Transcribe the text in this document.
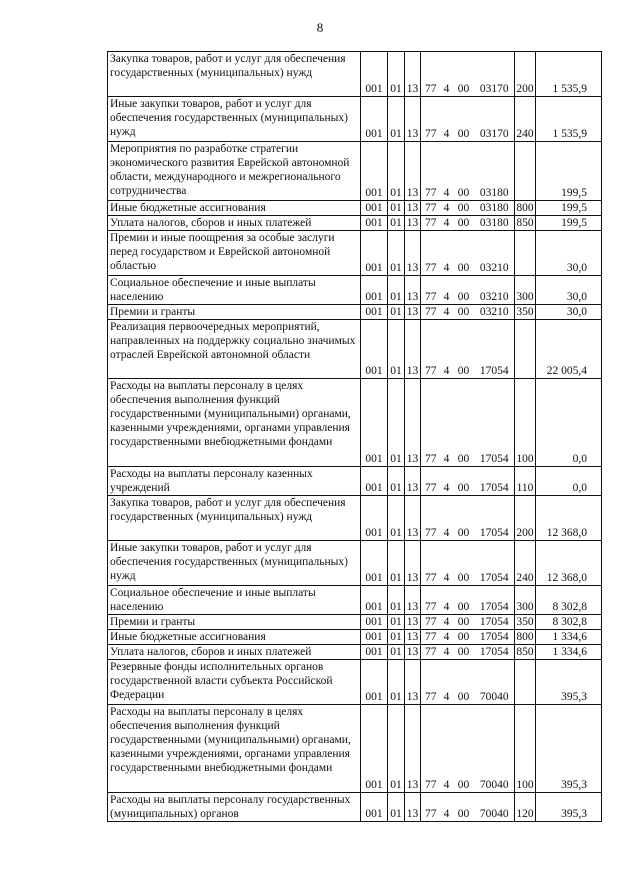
8
Закупка товаров, работ и услуг для обеспечения государственных (муниципальных) нужд	001	01	13	77	4	00	03170	200	1 535,9

Иные закупки товаров, работ и услуг для обеспечения государственных (муниципальных) нужд	001	01	13	77	4	00	03170	240	1 535,9

Мероприятия по разработке стратегии экономического развития Еврейской автономной области, международного и межрегионального сотрудничества	001	01	13	77	4	00	03180		199,5

Иные бюджетные ассигнования	001	01	13	77	4	00	03180	800	199,5

Уплата налогов, сборов и иных платежей	001	01	13	77	4	00	03180	850	199,5

Премии и иные поощрения за особые заслуги перед государством и Еврейской автономной областью	001	01	13	77	4	00	03210		30,0

Социальное обеспечение и иные выплаты населению	001	01	13	77	4	00	03210	300	30,0

Премии и гранты	001	01	13	77	4	00	03210	350	30,0

Реализация первоочередных мероприятий, направленных на поддержку социально значимых отраслей Еврейской автономной области	001	01	13	77	4	00	17054		22 005,4

Расходы на выплаты персоналу в целях обеспечения выполнения функций государственными (муниципальными) органами, казенными учреждениями, органами управления государственными внебюджетными фондами	001	01	13	77	4	00	17054	100	0,0

Расходы на выплаты персоналу казенных учреждений	001	01	13	77	4	00	17054	110	0,0

Закупка товаров, работ и услуг для обеспечения государственных (муниципальных) нужд	001	01	13	77	4	00	17054	200	12 368,0

Иные закупки товаров, работ и услуг для обеспечения государственных (муниципальных) нужд	001	01	13	77	4	00	17054	240	12 368,0

Социальное обеспечение и иные выплаты населению	001	01	13	77	4	00	17054	300	8 302,8

Премии и гранты	001	01	13	77	4	00	17054	350	8 302,8

Иные бюджетные ассигнования	001	01	13	77	4	00	17054	800	1 334,6

Уплата налогов, сборов и иных платежей	001	01	13	77	4	00	17054	850	1 334,6

Резервные фонды исполнительных органов государственной власти субъекта Российской Федерации	001	01	13	77	4	00	70040		395,3

Расходы на выплаты персоналу в целях обеспечения выполнения функций государственными (муниципальными) органами, казенными учреждениями, органами управления государственными внебюджетными фондами	001	01	13	77	4	00	70040	100	395,3

Расходы на выплаты персоналу государственных (муниципальных) органов	001	01	13	77	4	00	70040	120	395,3
